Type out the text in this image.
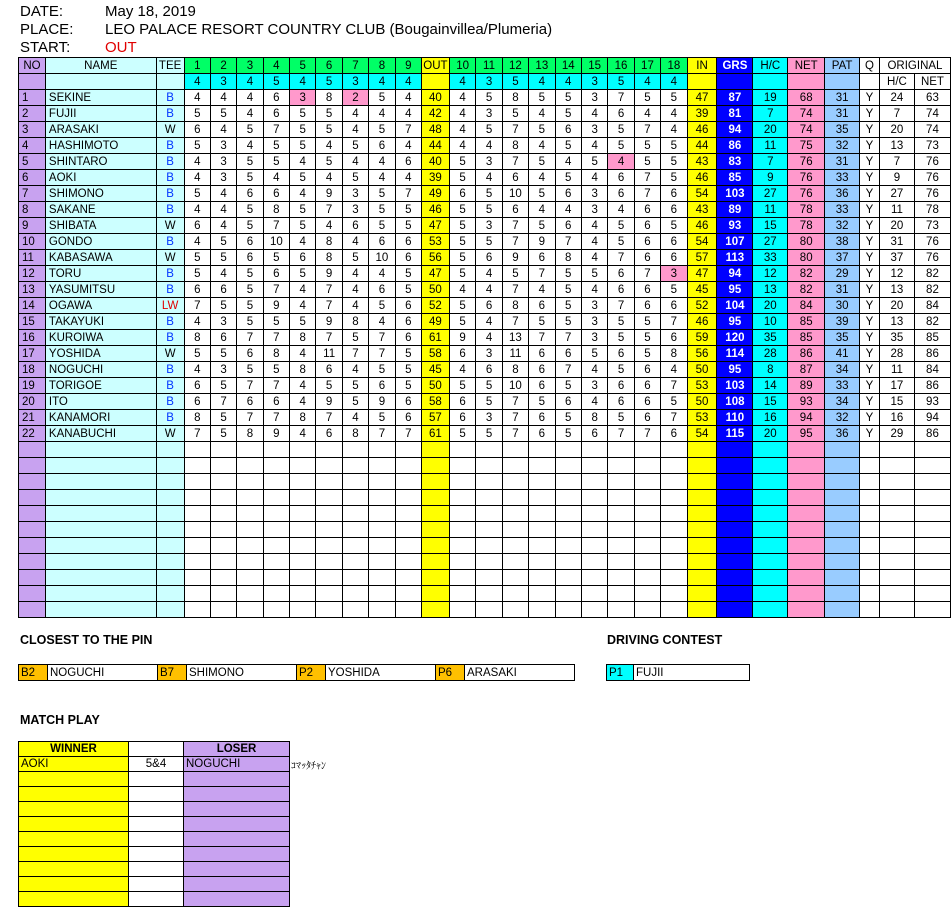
DATE:	May 18, 2019
PLACE: LEO PALACE RESORT COUNTRY CLUB (Bougainvillea/Plumeria)
START: OUT
NO	NAME	TEE	1	2	3	4	5	6	7	8	9	OUT	10	11	12	13	14	15	16	17	18	IN	GRS	H/C	NET	PAT	Q	ORIGINAL	
			4	3	4	5	4	5	3	4	4		4	3	5	4	4	3	5	4	4							H/C	NET
1	SEKINE	B	4	4	4	6	3	8	2	5	4	40	4	5	8	5	5	3	7	5	5	47	87	19	68	31	Y	24	63
2	FUJII	B	5	5	4	6	5	5	4	4	4	42	4	3	5	4	5	4	6	4	4	39	81	7	74	31	Y	7	74
3	ARASAKI	W	6	4	5	7	5	5	4	5	7	48	4	5	7	5	6	3	5	7	4	46	94	20	74	35	Y	20	74
4	HASHIMOTO	B	5	3	4	5	5	4	5	6	4	44	4	4	8	4	5	4	5	5	5	44	86	11	75	32	Y	13	73
5	SHINTARO	B	4	3	5	5	4	5	4	4	6	40	5	3	7	5	4	5	4	5	5	43	83	7	76	31	Y	7	76
6	AOKI	B	4	3	5	4	5	4	5	4	4	39	5	4	6	4	5	4	6	7	5	46	85	9	76	33	Y	9	76
7	SHIMONO	B	5	4	6	6	4	9	3	5	7	49	6	5	10	5	6	3	6	7	6	54	103	27	76	36	Y	27	76
8	SAKANE	B	4	4	5	8	5	7	3	5	5	46	5	5	6	4	4	3	4	6	6	43	89	11	78	33	Y	11	78
9	SHIBATA	W	6	4	5	7	5	4	6	5	5	47	5	3	7	5	6	4	5	6	5	46	93	15	78	32	Y	20	73
10	GONDO	B	4	5	6	10	4	8	4	6	6	53	5	5	7	9	7	4	5	6	6	54	107	27	80	38	Y	31	76
11	KABASAWA	W	5	5	6	5	6	8	5	10	6	56	5	6	9	6	8	4	7	6	6	57	113	33	80	37	Y	37	76
12	TORU	B	5	4	5	6	5	9	4	4	5	47	5	4	5	7	5	5	6	7	3	47	94	12	82	29	Y	12	82
13	YASUMITSU	B	6	6	5	7	4	7	4	6	5	50	4	4	7	4	5	4	6	6	5	45	95	13	82	31	Y	13	82
14	OGAWA	LW	7	5	5	9	4	7	4	5	6	52	5	6	8	6	5	3	7	6	6	52	104	20	84	30	Y	20	84
15	TAKAYUKI	B	4	3	5	5	5	9	8	4	6	49	5	4	7	5	5	3	5	5	7	46	95	10	85	39	Y	13	82
16	KUROIWA	B	8	6	7	7	8	7	5	7	6	61	9	4	13	7	7	3	5	5	6	59	120	35	85	35	Y	35	85
17	YOSHIDA	W	5	5	6	8	4	11	7	7	5	58	6	3	11	6	6	5	6	5	8	56	114	28	86	41	Y	28	86
18	NOGUCHI	B	4	3	5	5	8	6	4	5	5	45	4	6	8	6	7	4	5	6	4	50	95	8	87	34	Y	11	84
19	TORIGOE	B	6	5	7	7	4	5	5	6	5	50	5	5	10	6	5	3	6	6	7	53	103	14	89	33	Y	17	86
20	ITO	B	6	7	6	6	4	9	5	9	6	58	6	5	7	5	6	4	6	6	5	50	108	15	93	34	Y	15	93
21	KANAMORI	B	8	5	7	7	8	7	4	5	6	57	6	3	7	6	5	8	5	6	7	53	110	16	94	32	Y	16	94
22	KANABUCHI	W	7	5	8	9	4	6	8	7	7	61	5	5	7	6	5	6	7	7	6	54	115	20	95	36	Y	29	86

CLOSEST TO THE PIN	DRIVING CONTEST
B2	NOGUCHI	B7	SHIMONO	P2	YOSHIDA	P6	ARASAKI	P1	FUJII
MATCH PLAY
WINNER		LOSER
AOKI	5&4	NOGUCHI

			ｺﾏｯﾀﾁｬﾝ
